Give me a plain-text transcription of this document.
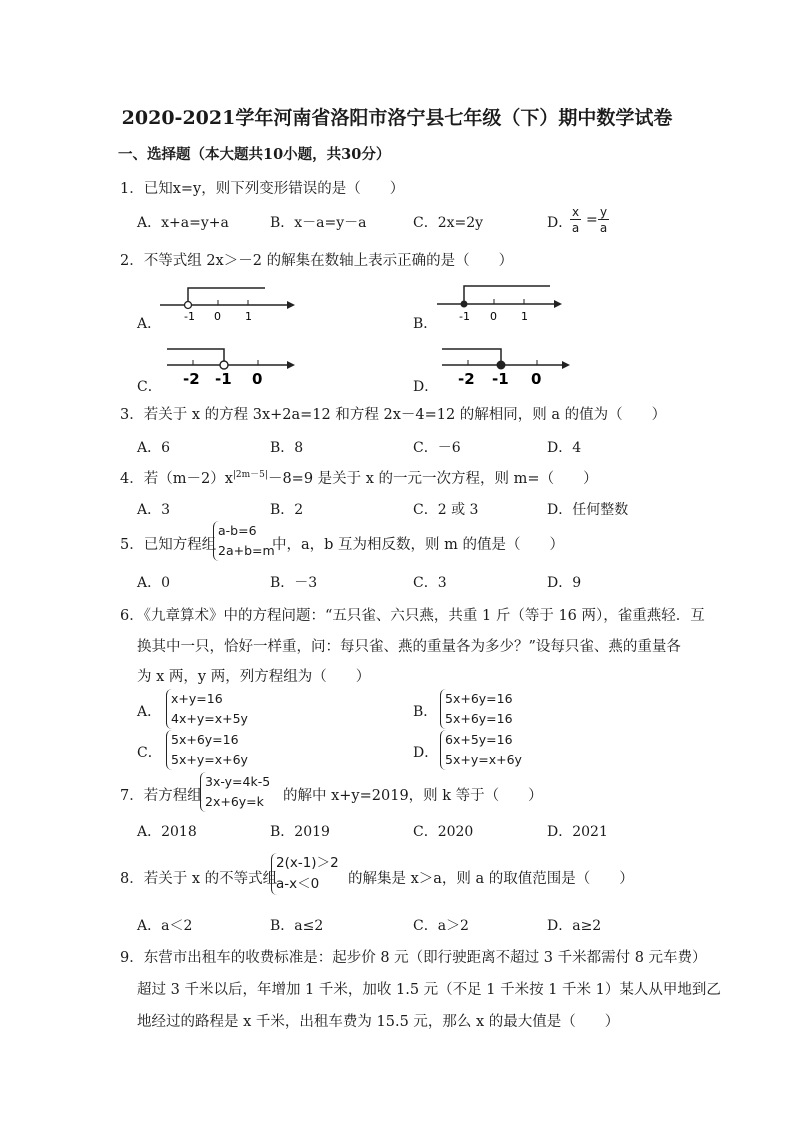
2020-2021学年河南省洛阳市洛宁县七年级（下）期中数学试卷
一、选择题（本大题共10小题，共30分）
1．已知x=y，则下列变形错误的是（　　）
A．x+a=y+a	B．x－a=y－a	C．2x=2y	D．
$\frac{x}{a} = \frac{y}{a}$
2．不等式组 2x＞－2 的解集在数轴上表示正确的是（　　）
A．	B．
C．	D．
-1 0 1	-1 0 1
-2 -1 0	-2 -1 0
3．若关于 x 的方程 3x+2a=12 和方程 2x－4=12 的解相同，则 a 的值为（　　）
A．6	B．8	C．－6	D．4
4．若$(m-2)x^{|2m-5|}-8=9$ 是关于 x 的一元一次方程，则 m=（　　）
A．3	B．2	C．2 或 3	D．任何整数
5．已知方程组
a-b=6
2a+b=m
中，a，b 互为相反数，则 m 的值是（　　）
A．0	B．－3	C．3	D．9
6．《九章算术》中的方程问题：“五只雀、六只燕，共重 1 斤（等于 16 两），雀重燕轻．互
换其中一只，恰好一样重，问：每只雀、燕的重量各为多少？”设每只雀、燕的重量各
为 x 两，y 两，列方程组为（　　）
A．
x+y=16
4x+y=x+5y	B．
5x+6y=16
5x+6y=16
C．
5x+6y=16
5x+y=x+6y	D．
6x+5y=16
5x+y=x+6y
7．若方程组
3x-y=4k-5
2x+6y=k	的解中 x+y=2019，则 k 等于（　　）
A．2018	B．2019	C．2020	D．2021
8．若关于 x 的不等式组
2(x-1)＞2
a-x＜0	的解集是 x＞a，则 a 的取值范围是（　　）
A．a＜2	B．a≤2	C．a＞2	D．a≥2
9．东营市出租车的收费标准是：起步价 8 元（即行驶距离不超过 3 千米都需付 8 元车费）
超过 3 千米以后，年增加 1 千米，加收 1.5 元（不足 1 千米按 1 千米 1）某人从甲地到乙
地经过的路程是 x 千米，出租车费为 15.5 元，那么 x 的最大值是（　　）
